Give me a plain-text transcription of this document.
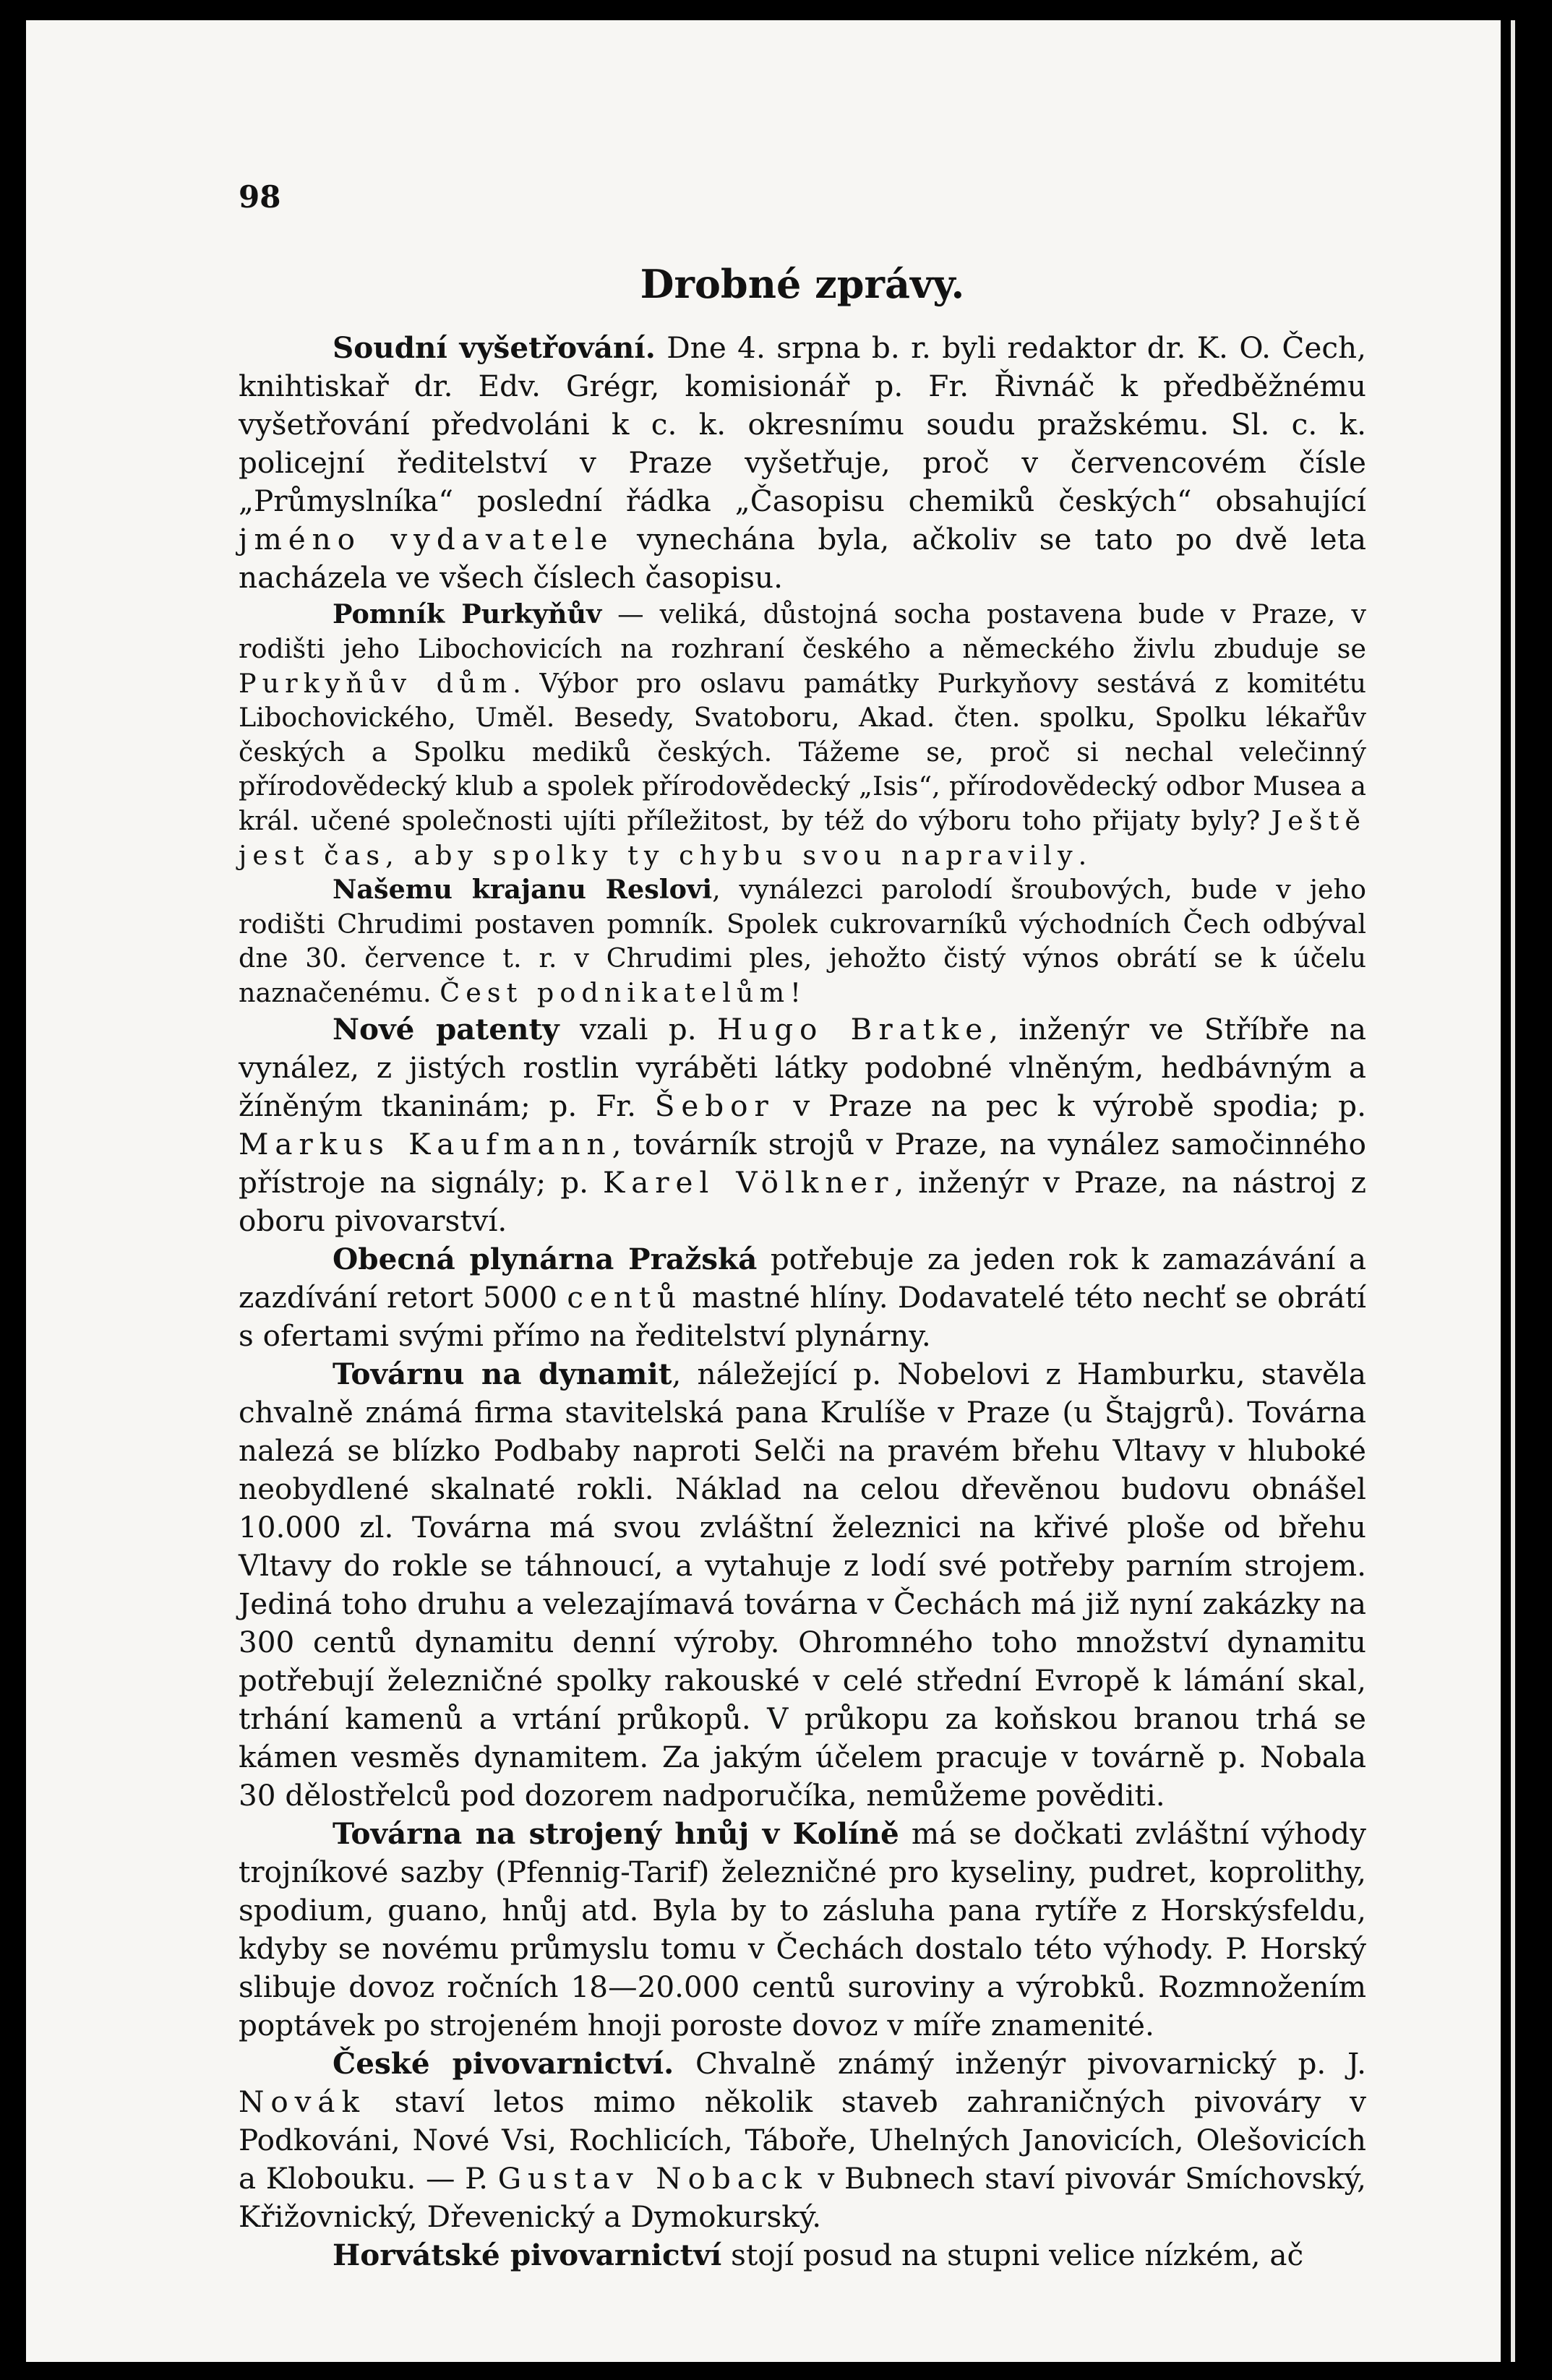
98
Drobné zprávy.

Soudní vyšetřování. Dne 4. srpna b. r. byli redaktor dr. K. O. Čech, knihtiskař dr. Edv. Grégr, komisionář p. Fr. Řivnáč k předběžnému vyšetřování předvoláni k c. k. okresnímu soudu pražskému. Sl. c. k. policejní ředitelství v Praze vyšetřuje, proč v červencovém čísle „Průmyslníka“ poslední řádka „Časopisu chemiků českých“ obsahující jméno vydavatele vynechána byla, ačkoliv se tato po dvě leta nacházela ve všech číslech časopisu.

Pomník Purkyňův — veliká, důstojná socha postavena bude v Praze, v rodišti jeho Libochovicích na rozhraní českého a německého živlu zbuduje se Purkyňův dům. Výbor pro oslavu památky Purkyňovy sestává z komitétu Libochovického, Uměl. Besedy, Svatoboru, Akad. čten. spolku, Spolku lékařův českých a Spolku mediků českých. Tážeme se, proč si nechal velečinný přírodovědecký klub a spolek přírodovědecký „Isis“, přírodovědecký odbor Musea a král. učené společnosti ujíti příležitost, by též do výboru toho přijaty byly? Ještě jest čas, aby spolky ty chybu svou napravily.

Našemu krajanu Reslovi, vynálezci parolodí šroubových, bude v jeho rodišti Chrudimi postaven pomník. Spolek cukrovarníků východních Čech odbýval dne 30. července t. r. v Chrudimi ples, jehožto čistý výnos obrátí se k účelu naznačenému. Čest podnikatelům!

Nové patenty vzali p. Hugo Bratke, inženýr ve Stříbře na vynález, z jistých rostlin vyráběti látky podobné vlněným, hedbávným a žíněným tkaninám; p. Fr. Šebor v Praze na pec k výrobě spodia; p. Markus Kaufmann, továrník strojů v Praze, na vynález samočinného přístroje na signály; p. Karel Völkner, inženýr v Praze, na nástroj z oboru pivovarství.

Obecná plynárna Pražská potřebuje za jeden rok k zamazávání a zazdívání retort 5000 centů mastné hlíny. Dodavatelé této nechť se obrátí s ofertami svými přímo na ředitelství plynárny.

Továrnu na dynamit, náležející p. Nobelovi z Hamburku, stavěla chvalně známá firma stavitelská pana Krulíše v Praze (u Štajgrů). Továrna nalezá se blízko Podbaby naproti Selči na pravém břehu Vltavy v hluboké neobydlené skalnaté rokli. Náklad na celou dřevěnou budovu obnášel 10.000 zl. Továrna má svou zvláštní železnici na křivé ploše od břehu Vltavy do rokle se táhnoucí, a vytahuje z lodí své potřeby parním strojem. Jediná toho druhu a velezajímavá továrna v Čechách má již nyní zakázky na 300 centů dynamitu denní výroby. Ohromného toho množství dynamitu potřebují železničné spolky rakouské v celé střední Evropě k lámání skal, trhání kamenů a vrtání průkopů. V průkopu za koňskou branou trhá se kámen vesměs dynamitem. Za jakým účelem pracuje v továrně p. Nobala 30 dělostřelců pod dozorem nadporučíka, nemůžeme pověditi.

Továrna na strojený hnůj v Kolíně má se dočkati zvláštní výhody trojníkové sazby (Pfennig-Tarif) železničné pro kyseliny, pudret, koprolithy, spodium, guano, hnůj atd. Byla by to zásluha pana rytíře z Horskýsfeldu, kdyby se novému průmyslu tomu v Čechách dostalo této výhody. P. Horský slibuje dovoz ročních 18—20.000 centů suroviny a výrobků. Rozmnožením poptávek po strojeném hnoji poroste dovoz v míře znamenité.

České pivovarnictví. Chvalně známý inženýr pivovarnický p. J. Novák staví letos mimo několik staveb zahraničných pivováry v Podkováni, Nové Vsi, Rochlicích, Táboře, Uhelných Janovicích, Olešovicích a Klobouku. — P. Gustav Noback v Bubnech staví pivovár Smíchovský, Křižovnický, Dřevenický a Dymokurský.

Horvátské pivovarnictví stojí posud na stupni velice nízkém, ač
